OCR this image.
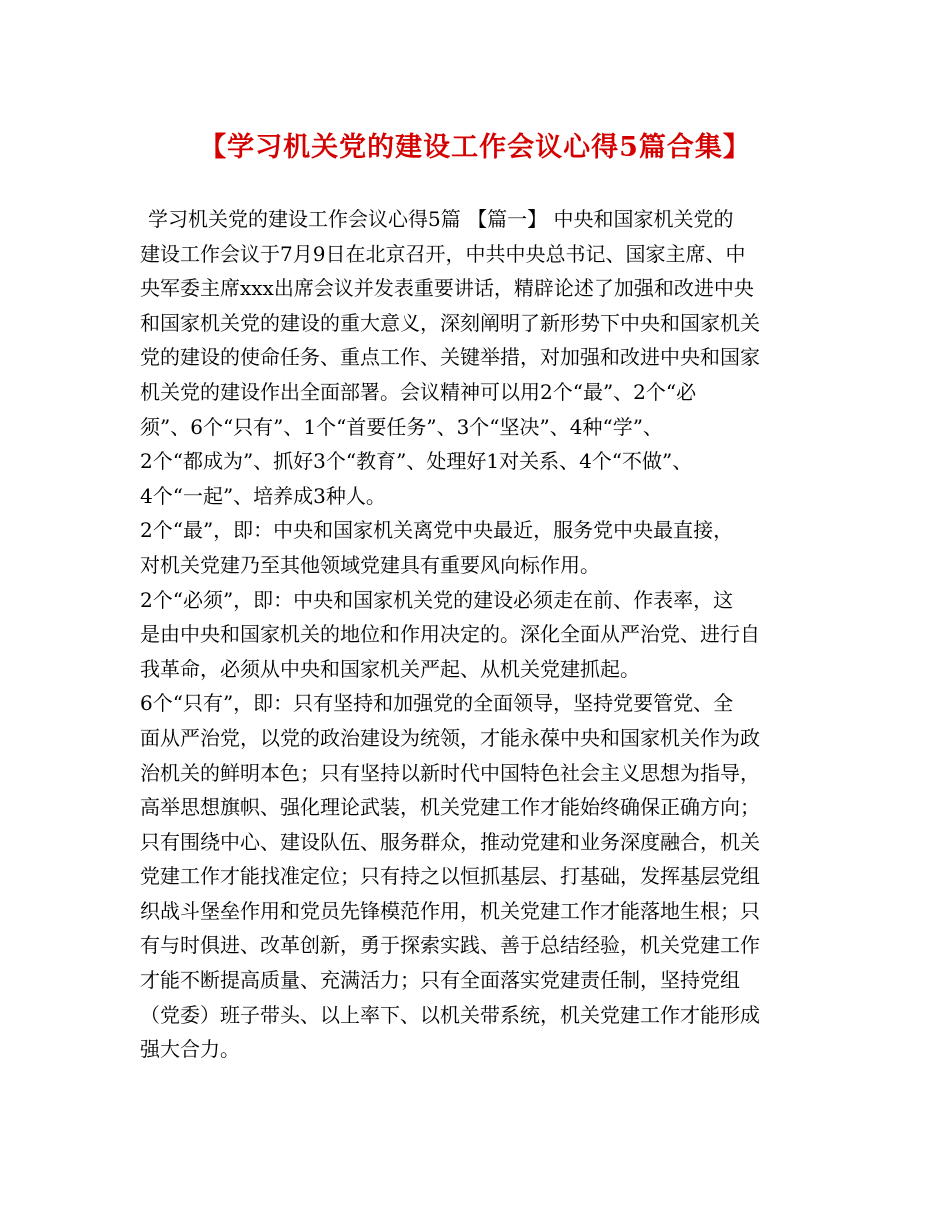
【学习机关党的建设工作会议心得5篇合集】
学习机关党的建设工作会议心得5篇 【篇一】 中央和国家机关党的
建设工作会议于7月9日在北京召开，中共中央总书记、国家主席、中
央军委主席xxx出席会议并发表重要讲话，精辟论述了加强和改进中央
和国家机关党的建设的重大意义，深刻阐明了新形势下中央和国家机关
党的建设的使命任务、重点工作、关键举措，对加强和改进中央和国家
机关党的建设作出全面部署。会议精神可以用2个“最”、2个“必
须”、6个“只有”、1个“首要任务”、3个“坚决”、4种“学”、
2个“都成为”、抓好3个“教育”、处理好1对关系、4个“不做”、
4个“一起”、培养成3种人。
2个“最”，即：中央和国家机关离党中央最近，服务党中央最直接，
对机关党建乃至其他领域党建具有重要风向标作用。
2个“必须”，即：中央和国家机关党的建设必须走在前、作表率，这
是由中央和国家机关的地位和作用决定的。深化全面从严治党、进行自
我革命，必须从中央和国家机关严起、从机关党建抓起。
6个“只有”，即：只有坚持和加强党的全面领导，坚持党要管党、全
面从严治党，以党的政治建设为统领，才能永葆中央和国家机关作为政
治机关的鲜明本色；只有坚持以新时代中国特色社会主义思想为指导，
高举思想旗帜、强化理论武装，机关党建工作才能始终确保正确方向；
只有围绕中心、建设队伍、服务群众，推动党建和业务深度融合，机关
党建工作才能找准定位；只有持之以恒抓基层、打基础，发挥基层党组
织战斗堡垒作用和党员先锋模范作用，机关党建工作才能落地生根；只
有与时俱进、改革创新，勇于探索实践、善于总结经验，机关党建工作
才能不断提高质量、充满活力；只有全面落实党建责任制，坚持党组
（党委）班子带头、以上率下、以机关带系统，机关党建工作才能形成
强大合力。
